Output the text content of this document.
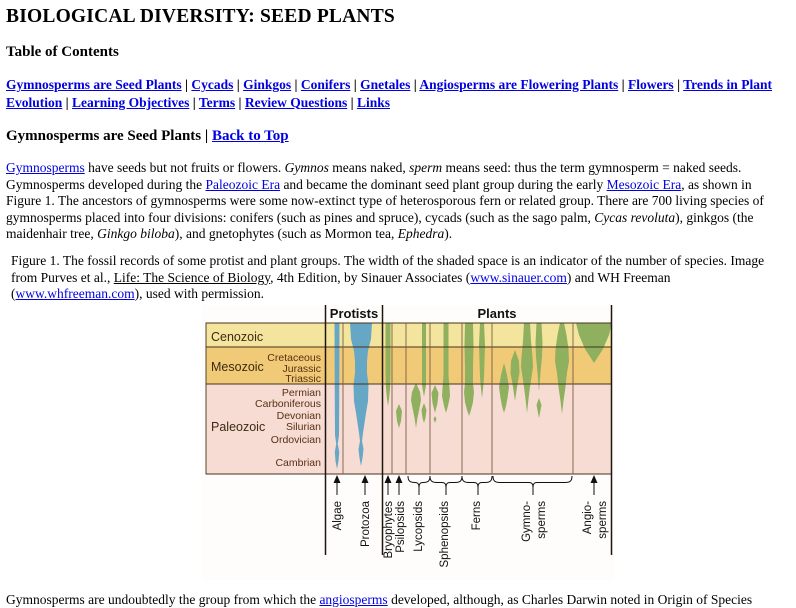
BIOLOGICAL DIVERSITY: SEED PLANTS
Table of Contents

Gymnosperms are Seed Plants | Cycads | Ginkgos | Conifers | Gnetales | Angiosperms are Flowering Plants | Flowers | Trends in Plant Evolution | Learning Objectives | Terms | Review Questions | Links

Gymnosperms are Seed Plants | Back to Top

Gymnosperms have seeds but not fruits or flowers. Gymnos means naked, sperm means seed: thus the term gymnosperm = naked seeds. Gymnosperms developed during the Paleozoic Era and became the dominant seed plant group during the early Mesozoic Era, as shown in Figure 1. The ancestors of gymnosperms were some now-extinct type of heterosporous fern or related group. There are 700 living species of gymnosperms placed into four divisions: conifers (such as pines and spruce), cycads (such as the sago palm, Cycas revoluta), ginkgos (the maidenhair tree, Ginkgo biloba), and gnetophytes (such as Mormon tea, Ephedra).

Figure 1. The fossil records of some protist and plant groups. The width of the shaded space is an indicator of the number of species. Image from Purves et al., Life: The Science of Biology, 4th Edition, by Sinauer Associates (www.sinauer.com) and WH Freeman (www.whfreeman.com), used with permission.

Protists	Plants
Cenozoic
Mesozoic
Cretaceous
Jurassic
Triassic
Paleozoic
Permian
Carboniferous
Devonian
Silurian
Ordovician
Cambrian
Algae Protozoa Bryophytes Psilopsids Lycopsids Sphenopsids Ferns	Gymno- sperms	Angio- sperms

Gymnosperms are undoubtedly the group from which the angiosperms developed, although, as Charles Darwin noted in Origin of Species
